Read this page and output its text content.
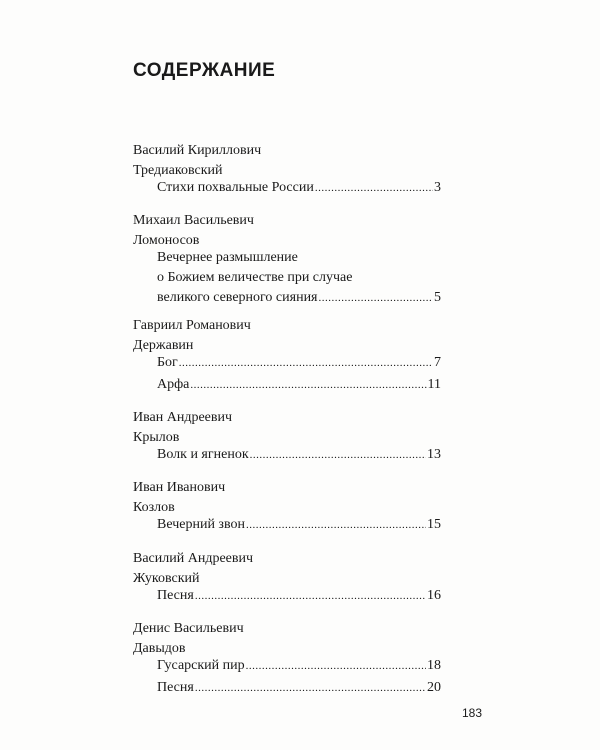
СОДЕРЖАНИЕ
Василий Кириллович
Тредиаковский
Стихи похвальные России .....	3
Михаил Васильевич
Ломоносов
Вечернее размышление
о Божием величестве при случае
великого северного сияния .....	5
Гавриил Романович
Державин
Бог .....	7
Арфа .....	11
Иван Андреевич
Крылов
Волк и ягненок .....	13
Иван Иванович
Козлов
Вечерний звон .....	15
Василий Андреевич
Жуковский
Песня .....	16
Денис Васильевич
Давыдов
Гусарский пир .....	18
Песня .....	20
183
